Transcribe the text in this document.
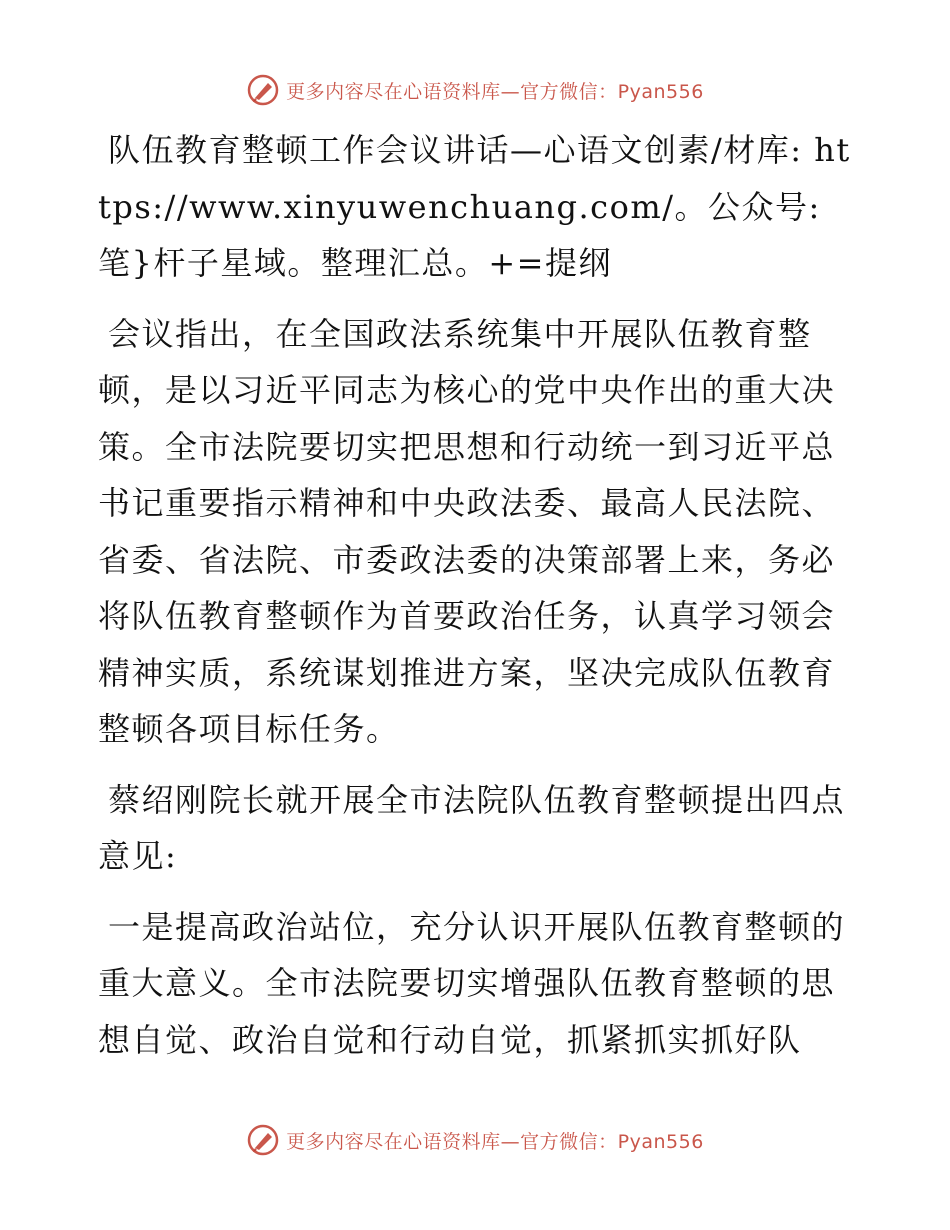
更多内容尽在心语资料库—官方微信：Pyan556

队伍教育整顿工作会议讲话—心语文创素/材库: https://www.xinyuwenchuang.com/。公众号: 笔}杆子星域。整理汇总。+=提纲

会议指出，在全国政法系统集中开展队伍教育整顿，是以习近平同志为核心的党中央作出的重大决策。全市法院要切实把思想和行动统一到习近平总书记重要指示精神和中央政法委、最高人民法院、省委、省法院、市委政法委的决策部署上来，务必将队伍教育整顿作为首要政治任务，认真学习领会精神实质，系统谋划推进方案，坚决完成队伍教育整顿各项目标任务。

蔡绍刚院长就开展全市法院队伍教育整顿提出四点意见:

一是提高政治站位，充分认识开展队伍教育整顿的重大意义。全市法院要切实增强队伍教育整顿的思想自觉、政治自觉和行动自觉，抓紧抓实抓好队

更多内容尽在心语资料库—官方微信：Pyan556
